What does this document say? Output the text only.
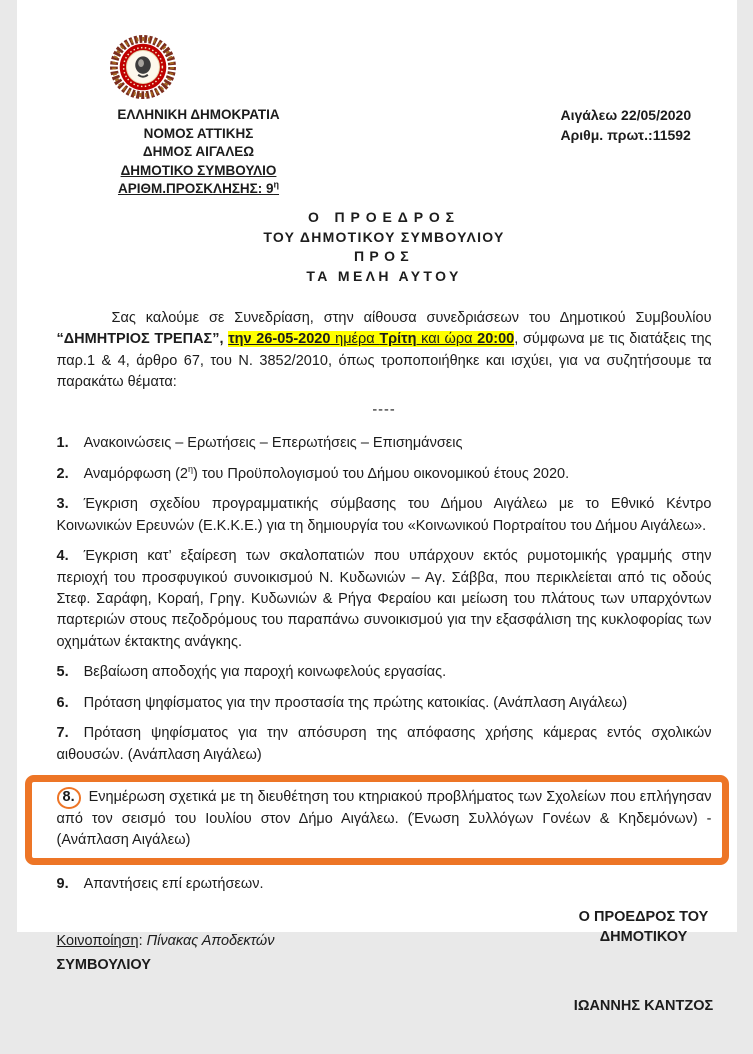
ΕΛΛΗΝΙΚΗ ΔΗΜΟΚΡΑΤΙΑ
ΝΟΜΟΣ ΑΤΤΙΚΗΣ
ΔΗΜΟΣ ΑΙΓΑΛΕΩ
ΔΗΜΟΤΙΚΟ ΣΥΜΒΟΥΛΙΟ
ΑΡΙΘΜ.ΠΡΟΣΚΛΗΣΗΣ: $9^\eta$
Αιγάλεω 22/05/2020
Αριθμ. πρωτ.:11592
Ο ΠΡΟΕΔΡΟΣ
ΤΟΥ ΔΗΜΟΤΙΚΟΥ ΣΥΜΒΟΥΛΙΟΥ
ΠΡΟΣ
ΤΑ ΜΕΛΗ ΑΥΤΟΥ

Σας καλούμε σε Συνεδρίαση, στην αίθουσα συνεδριάσεων του Δημοτικού Συμβουλίου “ΔΗΜΗΤΡΙΟΣ ΤΡΕΠΑΣ”, την 26-05-2020 ημέρα Τρίτη και ώρα 20:00, σύμφωνα με τις διατάξεις της παρ.1 & 4, άρθρο 67, του Ν. 3852/2010, όπως τροποποιήθηκε και ισχύει, για να συζητήσουμε τα παρακάτω θέματα:

----

1. Ανακοινώσεις – Ερωτήσεις – Επερωτήσεις – Επισημάνσεις

2. Αναμόρφωση $(2^\eta)$ του Προϋπολογισμού του Δήμου οικονομικού έτους 2020.

3. Έγκριση σχεδίου προγραμματικής σύμβασης του Δήμου Αιγάλεω με το Εθνικό Κέντρο Κοινωνικών Ερευνών (Ε.Κ.Κ.Ε.) για τη δημιουργία του «Κοινωνικού Πορτραίτου του Δήμου Αιγάλεω».

4. Έγκριση κατ’ εξαίρεση των σκαλοπατιών που υπάρχουν εκτός ρυμοτομικής γραμμής στην περιοχή του προσφυγικού συνοικισμού Ν. Κυδωνιών – Αγ. Σάββα, που περικλείεται από τις οδούς Στεφ. Σαράφη, Κοραή, Γρηγ. Κυδωνιών & Ρήγα Φεραίου και μείωση του πλάτους των υπαρχόντων παρτεριών στους πεζοδρόμους του παραπάνω συνοικισμού για την εξασφάλιση της κυκλοφορίας των οχημάτων έκτακτης ανάγκης.

5. Βεβαίωση αποδοχής για παροχή κοινωφελούς εργασίας.

6. Πρόταση ψηφίσματος για την προστασία της πρώτης κατοικίας. (Ανάπλαση Αιγάλεω)

7. Πρόταση ψηφίσματος για την απόσυρση της απόφασης χρήσης κάμερας εντός σχολικών αιθουσών. (Ανάπλαση Αιγάλεω)

8. Ενημέρωση σχετικά με τη διευθέτηση του κτηριακού προβλήματος των Σχολείων που επλήγησαν από τον σεισμό του Ιουλίου στον Δήμο Αιγάλεω. (Ένωση Συλλόγων Γονέων & Κηδεμόνων) - (Ανάπλαση Αιγάλεω)

9. Απαντήσεις επί ερωτήσεων.

Ο ΠΡΟΕΔΡΟΣ ΤΟΥ
ΔΗΜΟΤΙΚΟΥ
Κοινοποίηση: Πίνακας Αποδεκτών
ΣΥΜΒΟΥΛΙΟΥ
ΙΩΑΝΝΗΣ ΚΑΝΤΖΟΣ
